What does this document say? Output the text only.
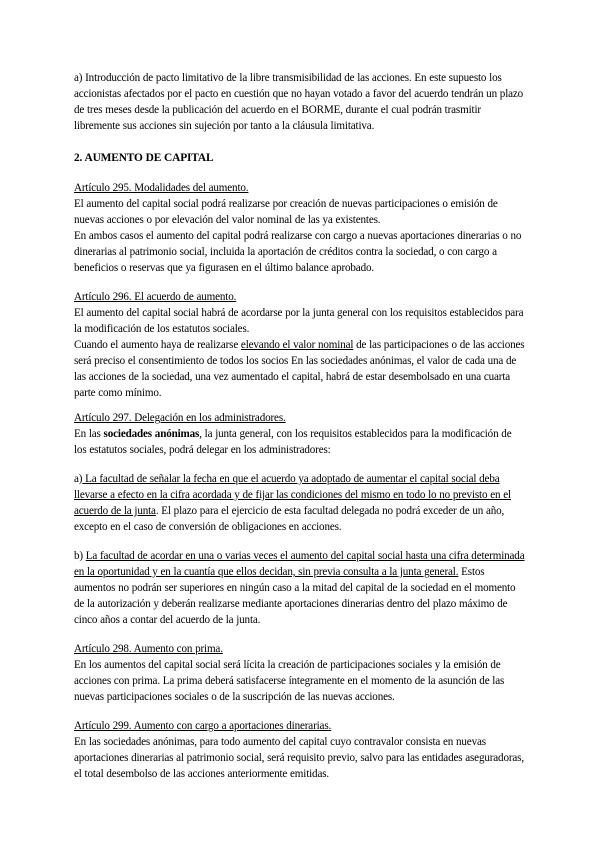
a) Introducción de pacto limitativo de la libre transmisibilidad de las acciones. En este supuesto los accionistas afectados por el pacto en cuestión que no hayan votado a favor del acuerdo tendrán un plazo de tres meses desde la publicación del acuerdo en el BORME, durante el cual podrán trasmitir libremente sus acciones sin sujeción por tanto a la cláusula limitativa.

2. AUMENTO DE CAPITAL

Artículo 295. Modalidades del aumento.

El aumento del capital social podrá realizarse por creación de nuevas participaciones o emisión de nuevas acciones o por elevación del valor nominal de las ya existentes.

En ambos casos el aumento del capital podrá realizarse con cargo a nuevas aportaciones dinerarias o no dinerarias al patrimonio social, incluida la aportación de créditos contra la sociedad, o con cargo a beneficios o reservas que ya figurasen en el último balance aprobado.

Artículo 296. El acuerdo de aumento.

El aumento del capital social habrá de acordarse por la junta general con los requisitos establecidos para la modificación de los estatutos sociales.

Cuando el aumento haya de realizarse elevando el valor nominal de las participaciones o de las acciones será preciso el consentimiento de todos los socios En las sociedades anónimas, el valor de cada una de las acciones de la sociedad, una vez aumentado el capital, habrá de estar desembolsado en una cuarta parte como mínimo.

Artículo 297. Delegación en los administradores.

En las sociedades anónimas, la junta general, con los requisitos establecidos para la modificación de los estatutos sociales, podrá delegar en los administradores:

a) La facultad de señalar la fecha en que el acuerdo ya adoptado de aumentar el capital social deba llevarse a efecto en la cifra acordada y de fijar las condiciones del mismo en todo lo no previsto en el acuerdo de la junta. El plazo para el ejercicio de esta facultad delegada no podrá exceder de un año, excepto en el caso de conversión de obligaciones en acciones.

b) La facultad de acordar en una o varias veces el aumento del capital social hasta una cifra determinada en la oportunidad y en la cuantía que ellos decidan, sin previa consulta a la junta general. Estos aumentos no podrán ser superiores en ningún caso a la mitad del capital de la sociedad en el momento de la autorización y deberán realizarse mediante aportaciones dinerarias dentro del plazo máximo de cinco años a contar del acuerdo de la junta.

Artículo 298. Aumento con prima.

En los aumentos del capital social será lícita la creación de participaciones sociales y la emisión de acciones con prima. La prima deberá satisfacerse íntegramente en el momento de la asunción de las nuevas participaciones sociales o de la suscripción de las nuevas acciones.

Artículo 299. Aumento con cargo a aportaciones dinerarias.

En las sociedades anónimas, para todo aumento del capital cuyo contravalor consista en nuevas aportaciones dinerarias al patrimonio social, será requisito previo, salvo para las entidades aseguradoras, el total desembolso de las acciones anteriormente emitidas.
